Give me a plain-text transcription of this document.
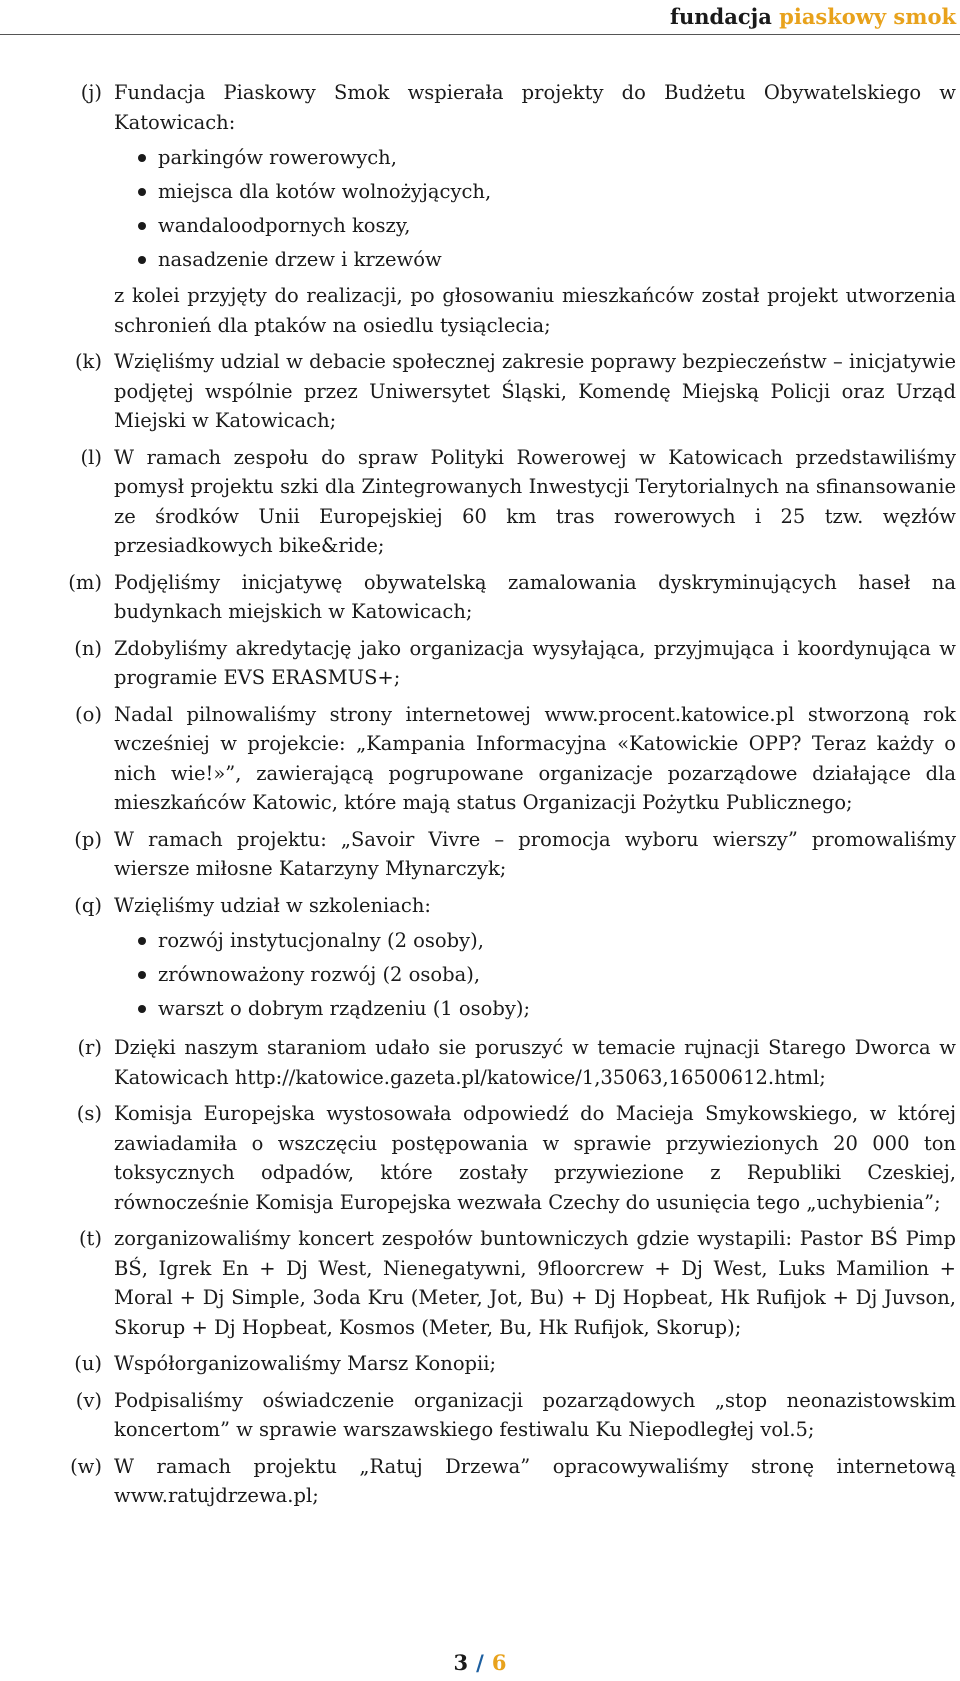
fundacja piaskowy smok
(j) Fundacja Piaskowy Smok wspierała projekty do Budżetu Obywatelskiego w Katowicach:
parkingów rowerowych,
miejsca dla kotów wolnożyjących,
wandaloodpornych koszy,
nasadzenie drzew i krzewów
z kolei przyjęty do realizacji, po głosowaniu mieszkańców został projekt utworzenia schronień dla ptaków na osiedlu tysiąclecia;
(k) Wzięliśmy udzial w debacie społecznej zakresie poprawy bezpieczeństw – inicjatywie podjętej wspólnie przez Uniwersytet Śląski, Komendę Miejską Policji oraz Urząd Miejski w Katowicach;
(l) W ramach zespołu do spraw Polityki Rowerowej w Katowicach przedstawiliśmy pomysł projektu szki dla Zintegrowanych Inwestycji Terytorialnych na sfinansowanie ze środków Unii Europejskiej 60 km tras rowerowych i 25 tzw. węzłów przesiadkowych bike&ride;
(m) Podjęliśmy inicjatywę obywatelską zamalowania dyskryminujących haseł na budynkach miejskich w Katowicach;
(n) Zdobyliśmy akredytację jako organizacja wysyłająca, przyjmująca i koordynująca w programie EVS ERASMUS+;
(o) Nadal pilnowaliśmy strony internetowej www.procent.katowice.pl stworzoną rok wcześniej w projekcie: „Kampania Informacyjna «Katowickie OPP? Teraz każdy o nich wie!»”, zawierającą pogrupowane organizacje pozarządowe działające dla mieszkańców Katowic, które mają status Organizacji Pożytku Publicznego;
(p) W ramach projektu: „Savoir Vivre – promocja wyboru wierszy” promowaliśmy wiersze miłosne Katarzyny Młynarczyk;
(q) Wzięliśmy udział w szkoleniach:
rozwój instytucjonalny (2 osoby),
zrównoważony rozwój (2 osoba),
warszt o dobrym rządzeniu (1 osoby);
(r) Dzięki naszym staraniom udało sie poruszyć w temacie rujnacji Starego Dworca w Katowicach http://katowice.gazeta.pl/katowice/1,35063,16500612.html;
(s) Komisja Europejska wystosowała odpowiedź do Macieja Smykowskiego, w której zawiadamiła o wszczęciu postępowania w sprawie przywiezionych 20 000 ton toksycznych odpadów, które zostały przywiezione z Republiki Czeskiej, równocześnie Komisja Europejska wezwała Czechy do usunięcia tego „uchybienia”;
(t) zorganizowaliśmy koncert zespołów buntowniczych gdzie wystapili: Pastor BŚ Pimp BŚ, Igrek En + Dj West, Nienegatywni, 9floorcrew + Dj West, Luks Mamilion + Moral + Dj Simple, 3oda Kru (Meter, Jot, Bu) + Dj Hopbeat, Hk Rufijok + Dj Juvson, Skorup + Dj Hopbeat, Kosmos (Meter, Bu, Hk Rufijok, Skorup);
(u) Współorganizowaliśmy Marsz Konopii;
(v) Podpisaliśmy oświadczenie organizacji pozarządowych „stop neonazistowskim koncertom” w sprawie warszawskiego festiwalu Ku Niepodległej vol.5;
(w) W ramach projektu „Ratuj Drzewa” opracowywaliśmy stronę internetową www.ratujdrzewa.pl;
3 / 6
